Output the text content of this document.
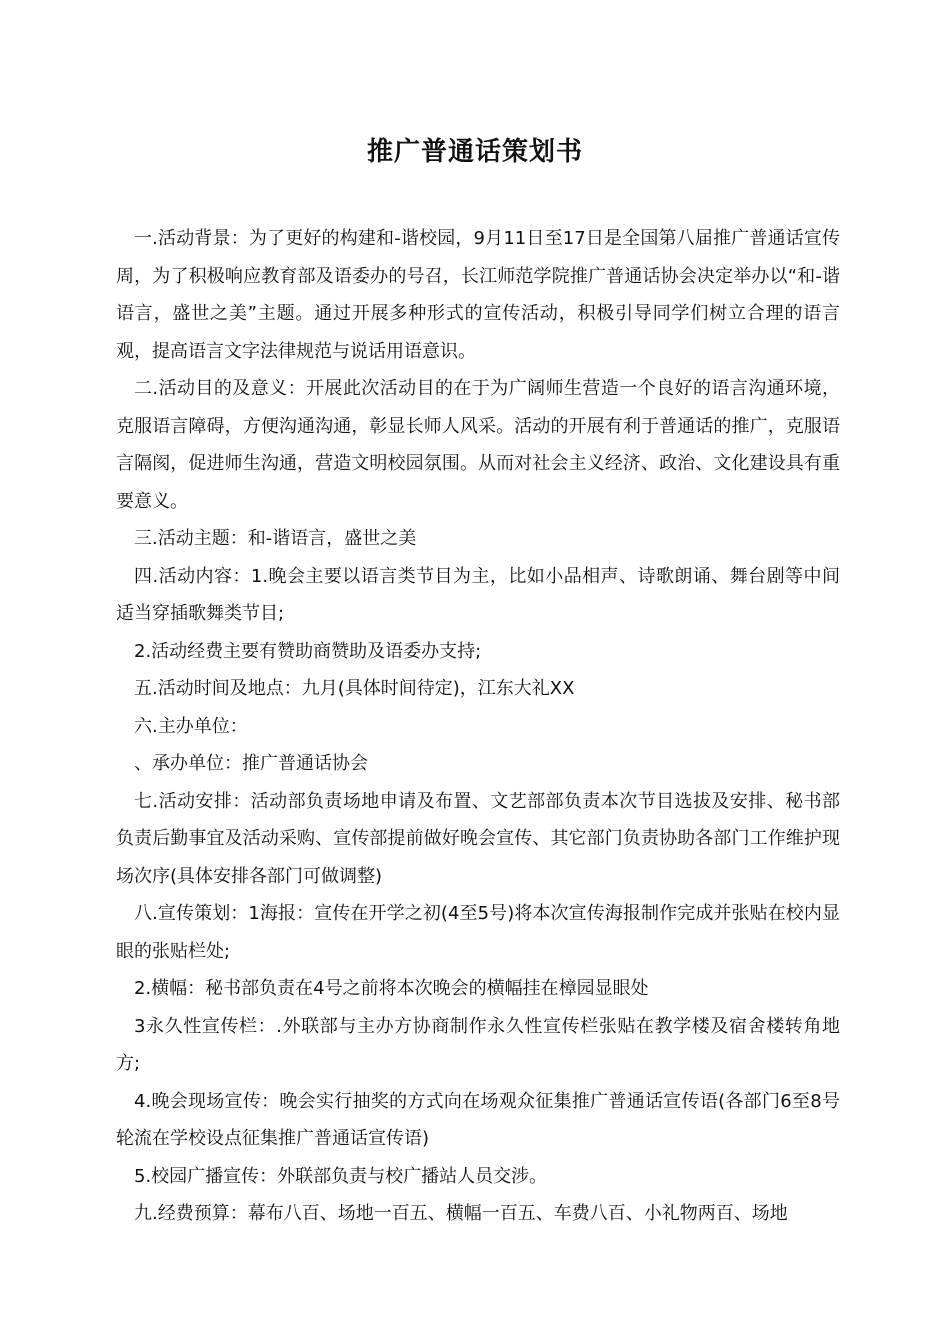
推广普通话策划书

一.活动背景：为了更好的构建和-谐校园，9月11日至17日是全国第八届推广普通话宣传周，为了积极响应教育部及语委办的号召，长江师范学院推广普通话协会决定举办以“和-谐语言，盛世之美”主题。通过开展多种形式的宣传活动，积极引导同学们树立合理的语言观，提高语言文字法律规范与说话用语意识。

二.活动目的及意义：开展此次活动目的在于为广阔师生营造一个良好的语言沟通环境，克服语言障碍，方便沟通沟通，彰显长师人风采。活动的开展有利于普通话的推广，克服语言隔阂，促进师生沟通，营造文明校园氛围。从而对社会主义经济、政治、文化建设具有重要意义。

三.活动主题：和-谐语言，盛世之美

四.活动内容：1.晚会主要以语言类节目为主，比如小品相声、诗歌朗诵、舞台剧等中间适当穿插歌舞类节目;

2.活动经费主要有赞助商赞助及语委办支持;

五.活动时间及地点：九月(具体时间待定)，江东大礼XX

六.主办单位：

、承办单位：推广普通话协会

七.活动安排：活动部负责场地申请及布置、文艺部部负责本次节目选拔及安排、秘书部负责后勤事宜及活动采购、宣传部提前做好晚会宣传、其它部门负责协助各部门工作维护现场次序(具体安排各部门可做调整)

八.宣传策划：1海报：宣传在开学之初(4至5号)将本次宣传海报制作完成并张贴在校内显眼的张贴栏处;

2.横幅：秘书部负责在4号之前将本次晚会的横幅挂在樟园显眼处

3永久性宣传栏：.外联部与主办方协商制作永久性宣传栏张贴在教学楼及宿舍楼转角地方;

4.晚会现场宣传：晚会实行抽奖的方式向在场观众征集推广普通话宣传语(各部门6至8号轮流在学校设点征集推广普通话宣传语)

5.校园广播宣传：外联部负责与校广播站人员交涉。

九.经费预算：幕布八百、场地一百五、横幅一百五、车费八百、小礼物两百、场地
